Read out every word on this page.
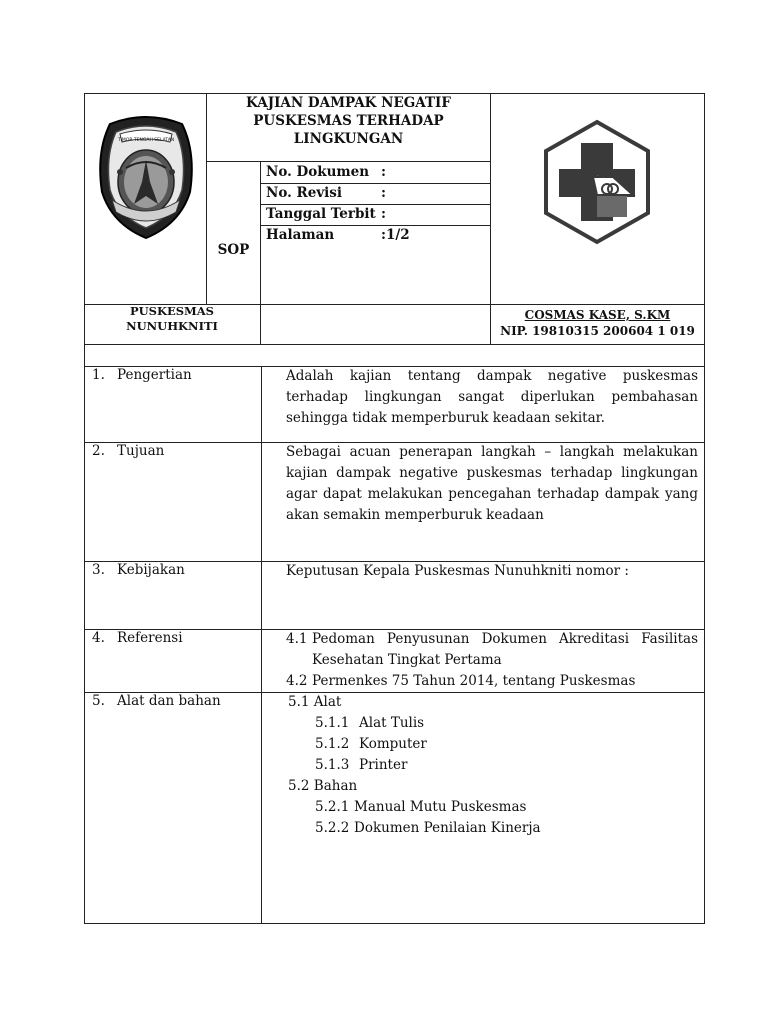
TIMOR TENGAH SELATAN
KAJIAN DAMPAK NEGATIF PUSKESMAS TERHADAP LINGKUNGAN
No. Dokumen :
No. Revisi	:
Tanggal Terbit :
Halaman	:1/2
SOP
PUSKESMAS
NUNUHKNITI
COSMAS KASE, S.KM
NIP. 19810315 200604 1 019
1. Pengertian	Adalah kajian tentang dampak negative puskesmas terhadap lingkungan sangat diperlukan pembahasan sehingga tidak memperburuk keadaan sekitar.
2. Tujuan	Sebagai acuan penerapan langkah – langkah melakukan kajian dampak negative puskesmas terhadap lingkungan agar dapat melakukan pencegahan terhadap dampak yang akan semakin memperburuk keadaan
3. Kebijakan	Keputusan Kepala Puskesmas Nunuhkniti nomor :
4. Referensi	4.1 Pedoman Penyusunan Dokumen Akreditasi Fasilitas Kesehatan Tingkat Pertama
4.2 Permenkes 75 Tahun 2014, tentang Puskesmas
5. Alat dan bahan	5.1 Alat
5.1.1 Alat Tulis
5.1.2 Komputer
5.1.3 Printer
5.2 Bahan
5.2.1 Manual Mutu Puskesmas
5.2.2 Dokumen Penilaian Kinerja
